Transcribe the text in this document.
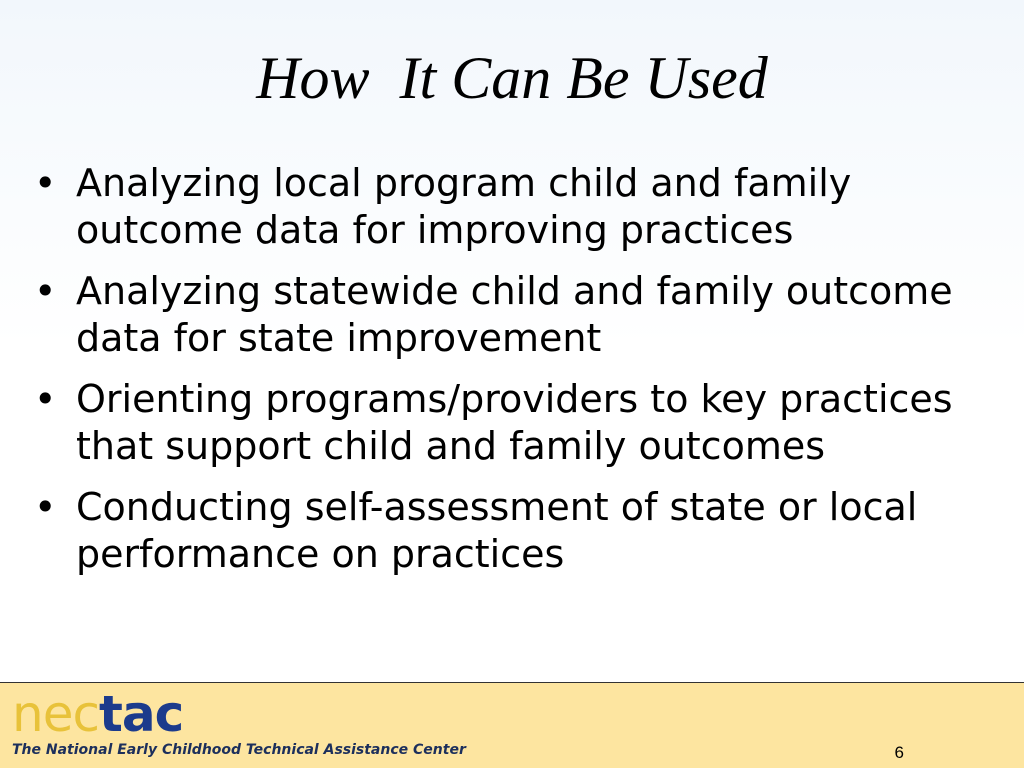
How  It Can Be Used
• Analyzing local program child and family outcome data for improving practices
• Analyzing statewide child and family outcome data for state improvement
• Orienting programs/providers to key practices that support child and family outcomes
• Conducting self-assessment of state or local performance on practices
nectac
The National Early Childhood Technical Assistance Center	6
